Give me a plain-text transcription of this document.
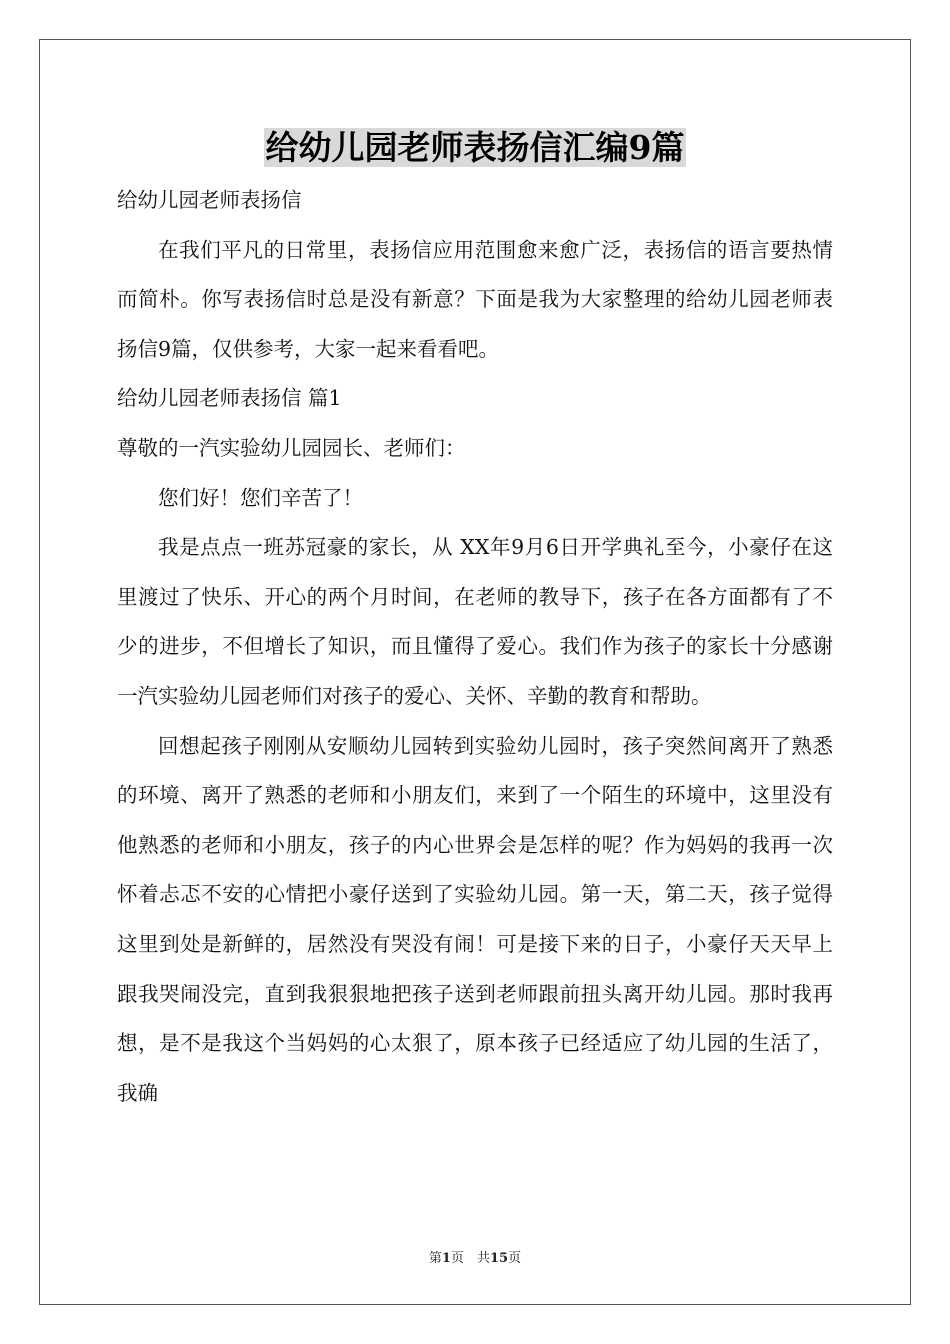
给幼儿园老师表扬信汇编9篇

给幼儿园老师表扬信

在我们平凡的日常里，表扬信应用范围愈来愈广泛，表扬信的语言要热情而简朴。你写表扬信时总是没有新意？下面是我为大家整理的给幼儿园老师表扬信9篇，仅供参考，大家一起来看看吧。

给幼儿园老师表扬信 篇1

尊敬的一汽实验幼儿园园长、老师们：

您们好！您们辛苦了！

我是点点一班苏冠豪的家长，从 XX年9月6日开学典礼至今，小豪仔在这里渡过了快乐、开心的两个月时间，在老师的教导下，孩子在各方面都有了不少的进步，不但增长了知识，而且懂得了爱心。我们作为孩子的家长十分感谢一汽实验幼儿园老师们对孩子的爱心、关怀、辛勤的教育和帮助。

回想起孩子刚刚从安顺幼儿园转到实验幼儿园时，孩子突然间离开了熟悉的环境、离开了熟悉的老师和小朋友们，来到了一个陌生的环境中，这里没有他熟悉的老师和小朋友，孩子的内心世界会是怎样的呢？作为妈妈的我再一次怀着忐忑不安的心情把小豪仔送到了实验幼儿园。第一天，第二天，孩子觉得这里到处是新鲜的，居然没有哭没有闹！可是接下来的日子，小豪仔天天早上跟我哭闹没完，直到我狠狠地把孩子送到老师跟前扭头离开幼儿园。那时我再想，是不是我这个当妈妈的心太狠了，原本孩子已经适应了幼儿园的生活了，我确

第1页　共15页
